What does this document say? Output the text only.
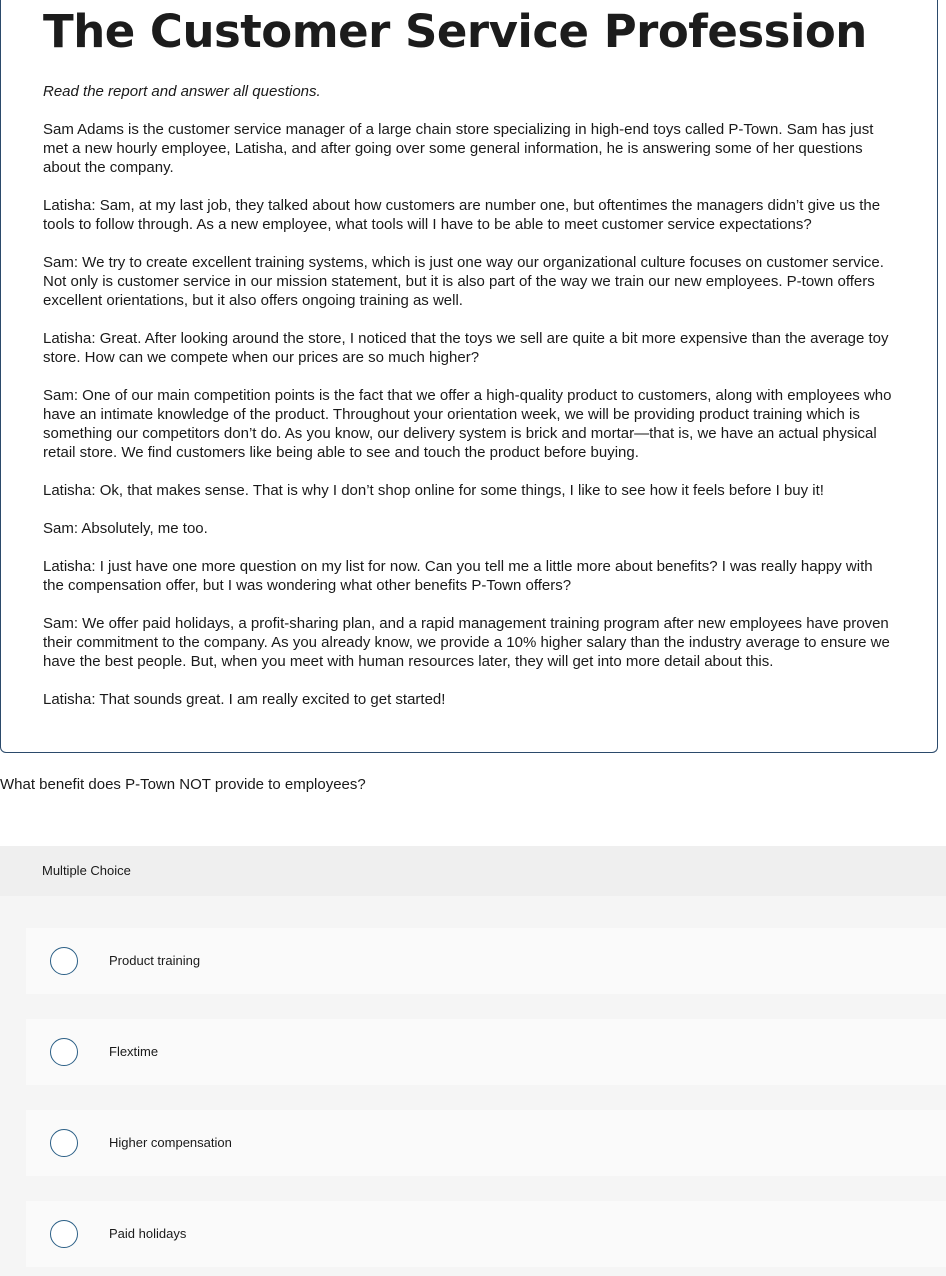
The Customer Service Profession

Read the report and answer all questions.

Sam Adams is the customer service manager of a large chain store specializing in high-end toys called P-Town. Sam has just met a new hourly employee, Latisha, and after going over some general information, he is answering some of her questions about the company.

Latisha: Sam, at my last job, they talked about how customers are number one, but oftentimes the managers didn’t give us the tools to follow through. As a new employee, what tools will I have to be able to meet customer service expectations?

Sam: We try to create excellent training systems, which is just one way our organizational culture focuses on customer service. Not only is customer service in our mission statement, but it is also part of the way we train our new employees. P-town offers excellent orientations, but it also offers ongoing training as well.

Latisha: Great. After looking around the store, I noticed that the toys we sell are quite a bit more expensive than the average toy store. How can we compete when our prices are so much higher?

Sam: One of our main competition points is the fact that we offer a high-quality product to customers, along with employees who have an intimate knowledge of the product. Throughout your orientation week, we will be providing product training which is something our competitors don’t do. As you know, our delivery system is brick and mortar—that is, we have an actual physical retail store. We find customers like being able to see and touch the product before buying.

Latisha: Ok, that makes sense. That is why I don’t shop online for some things, I like to see how it feels before I buy it!

Sam: Absolutely, me too.

Latisha: I just have one more question on my list for now. Can you tell me a little more about benefits? I was really happy with the compensation offer, but I was wondering what other benefits P-Town offers?

Sam: We offer paid holidays, a profit-sharing plan, and a rapid management training program after new employees have proven their commitment to the company. As you already know, we provide a 10% higher salary than the industry average to ensure we have the best people. But, when you meet with human resources later, they will get into more detail about this.

Latisha: That sounds great. I am really excited to get started!

What benefit does P-Town NOT provide to employees?

Multiple Choice
Product training
Flextime
Higher compensation
Paid holidays
